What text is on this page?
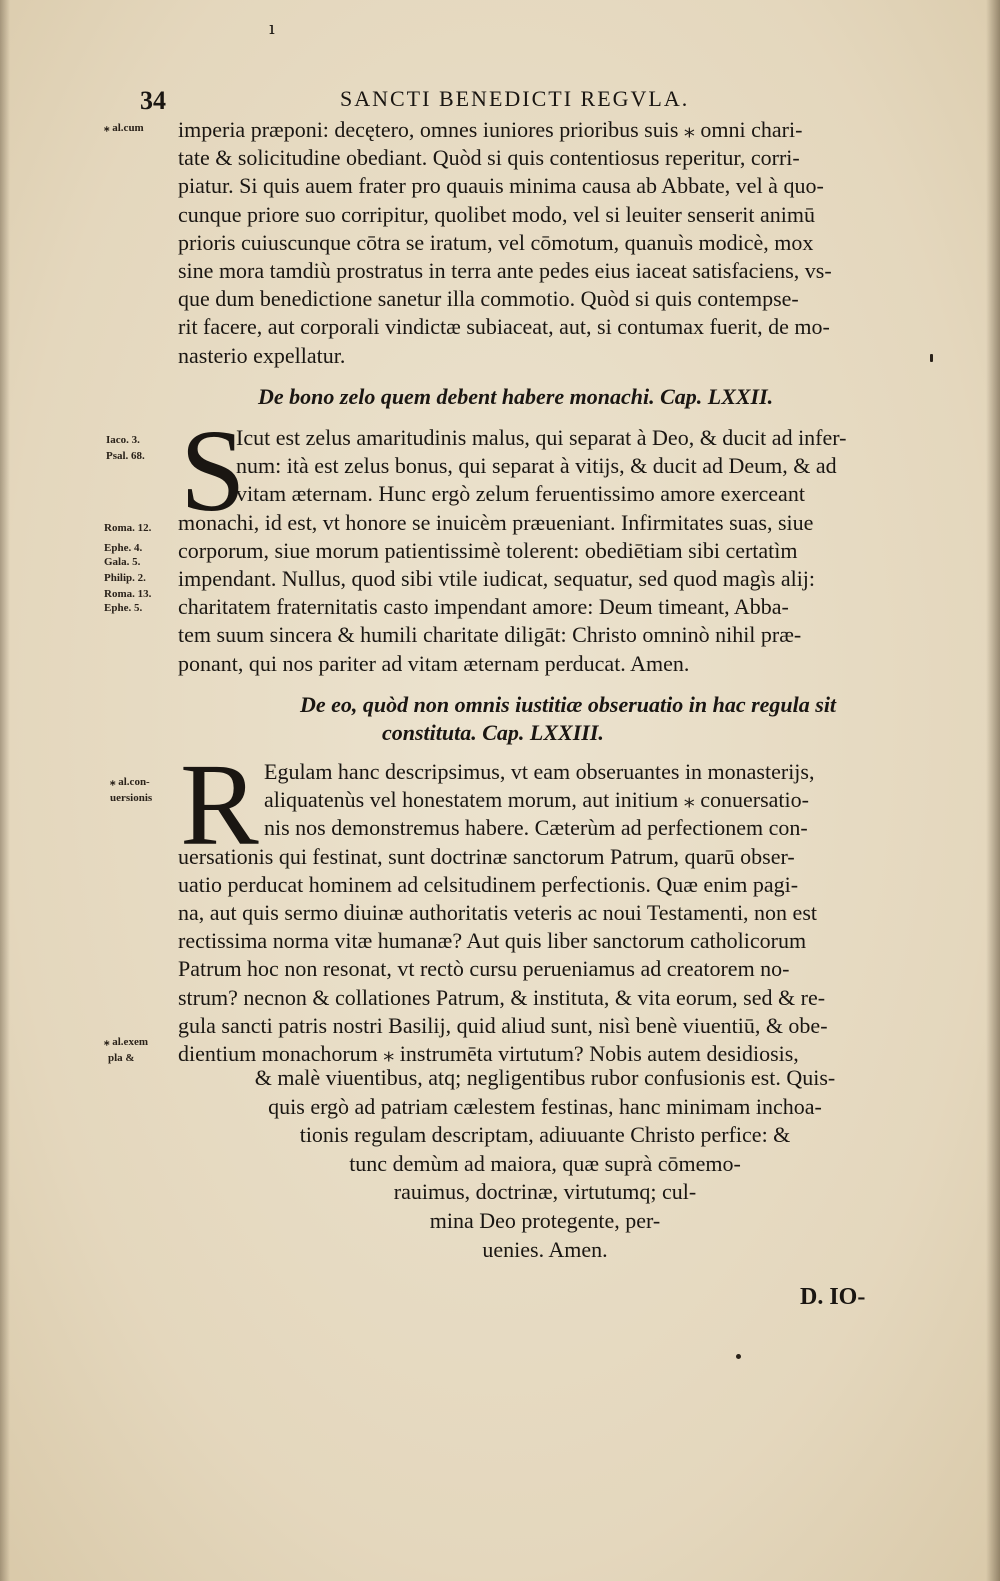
ı
34	SANCTI BENEDICTI REGVLA.
⁎ al.cum
Iaco. 3.
Psal. 68.
Roma. 12.
Ephe. 4.
Gala. 5.
Philip. 2.
Roma. 13.
Ephe. 5.
⁎ al.con-
uersionis
⁎ al.exem
pla &
imperia præponi: decętero, omnes iuniores prioribus suis ⁎ omni chari-
tate & solicitudine obediant. Quòd si quis contentiosus reperitur, corri-
piatur. Si quis auem frater pro quauis minima causa ab Abbate, vel à quo-
cunque priore suo corripitur, quolibet modo, vel si leuiter senserit animū
prioris cuiuscunque cōtra se iratum, vel cōmotum, quanuìs modicè, mox
sine mora tamdiù prostratus in terra ante pedes eius iaceat satisfaciens, vs-
que dum benedictione sanetur illa commotio. Quòd si quis contempse-
rit facere, aut corporali vindictæ subiaceat, aut, si contumax fuerit, de mo-
nasterio expellatur.
De bono zelo quem debent habere monachi. Cap. LXXII.
S
Icut est zelus amaritudinis malus, qui separat à Deo, & ducit ad infer-
num: ità est zelus bonus, qui separat à vitijs, & ducit ad Deum, & ad
vitam æternam. Hunc ergò zelum feruentissimo amore exerceant
monachi, id est, vt honore se inuicèm præueniant. Infirmitates suas, siue
corporum, siue morum patientissimè tolerent: obediētiam sibi certatìm
impendant. Nullus, quod sibi vtile iudicat, sequatur, sed quod magìs alij:
charitatem fraternitatis casto impendant amore: Deum timeant, Abba-
tem suum sincera & humili charitate diligāt: Christo omninò nihil præ-
ponant, qui nos pariter ad vitam æternam perducat. Amen.
De eo, quòd non omnis iustitiæ obseruatio in hac regula sit
constituta. Cap. LXXIII.
R Egulam hanc descripsimus, vt eam obseruantes in monasterijs,
aliquatenùs vel honestatem morum, aut initium ⁎ conuersatio-
nis nos demonstremus habere. Cæterùm ad perfectionem con-
uersationis qui festinat, sunt doctrinæ sanctorum Patrum, quarū obser-
uatio perducat hominem ad celsitudinem perfectionis. Quæ enim pagi-
na, aut quis sermo diuinæ authoritatis veteris ac noui Testamenti, non est
rectissima norma vitæ humanæ? Aut quis liber sanctorum catholicorum
Patrum hoc non resonat, vt rectò cursu perueniamus ad creatorem no-
strum? necnon & collationes Patrum, & instituta, & vita eorum, sed & re-
gula sancti patris nostri Basilij, quid aliud sunt, nisì benè viuentiū, & obe-
dientium monachorum ⁎ instrumēta virtutum? Nobis autem desidiosis,
& malè viuentibus, atq; negligentibus rubor confusionis est. Quis-
quis ergò ad patriam cælestem festinas, hanc minimam inchoa-
tionis regulam descriptam, adiuuante Christo perfice: &
tunc demùm ad maiora, quæ suprà cōmemo-
rauimus, doctrinæ, virtutumq; cul-
mina Deo protegente, per-
uenies. Amen.
D. IO-
